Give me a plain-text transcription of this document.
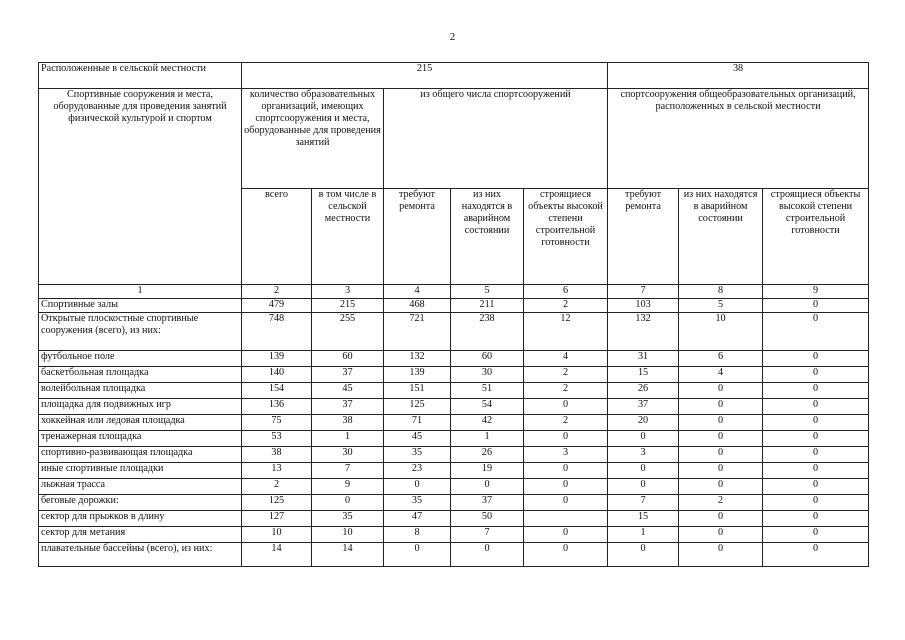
2
Расположенные в сельской местности	215					38		
Спортивные сооружения и места, оборудованные для проведения занятий физической культурой и спортом	количество образовательных организаций, имеющих спортсооружения и места, оборудованные для проведения занятий		из общего числа спортсооружений			спортсооружения общеобразовательных организаций, расположенных в сельской местности		
	всего	в том числе в сельской местности	требуют ремонта	из них находятся в аварийном состоянии	строящиеся объекты высокой степени строительной готовности	требуют ремонта	из них находятся в аварийном состоянии	строящиеся объекты высокой степени строительной готовности
1	2	3	4	5	6	7	8	9
Спортивные залы	479	215	468	211	2	103	5	0
Открытые плоскостные спортивные сооружения (всего), из них:	748	255	721	238	12	132	10	0
футбольное поле	139	60	132	60	4	31	6	0
баскетбольная площадка	140	37	139	30	2	15	4	0
волейбольная площадка	154	45	151	51	2	26	0	0
площадка для подвижных игр	136	37	125	54	0	37	0	0
хоккейная или ледовая площадка	75	38	71	42	2	20	0	0
тренажерная площадка	53	1	45	1	0	0	0	0
спортивно-развивающая площадка	38	30	35	26	3	3	0	0
иные спортивные площадки	13	7	23	19	0	0	0	0
лыжная трасса	2	9	0	0	0	0	0	0
беговые дорожки:	125	0	35	37	0	7	2	0
сектор для прыжков в длину	127	35	47	50		15	0	0
сектор для метания	10	10	8	7	0	1	0	0
плавательные бассейны (всего), из них:	14	14	0	0	0	0	0	0
